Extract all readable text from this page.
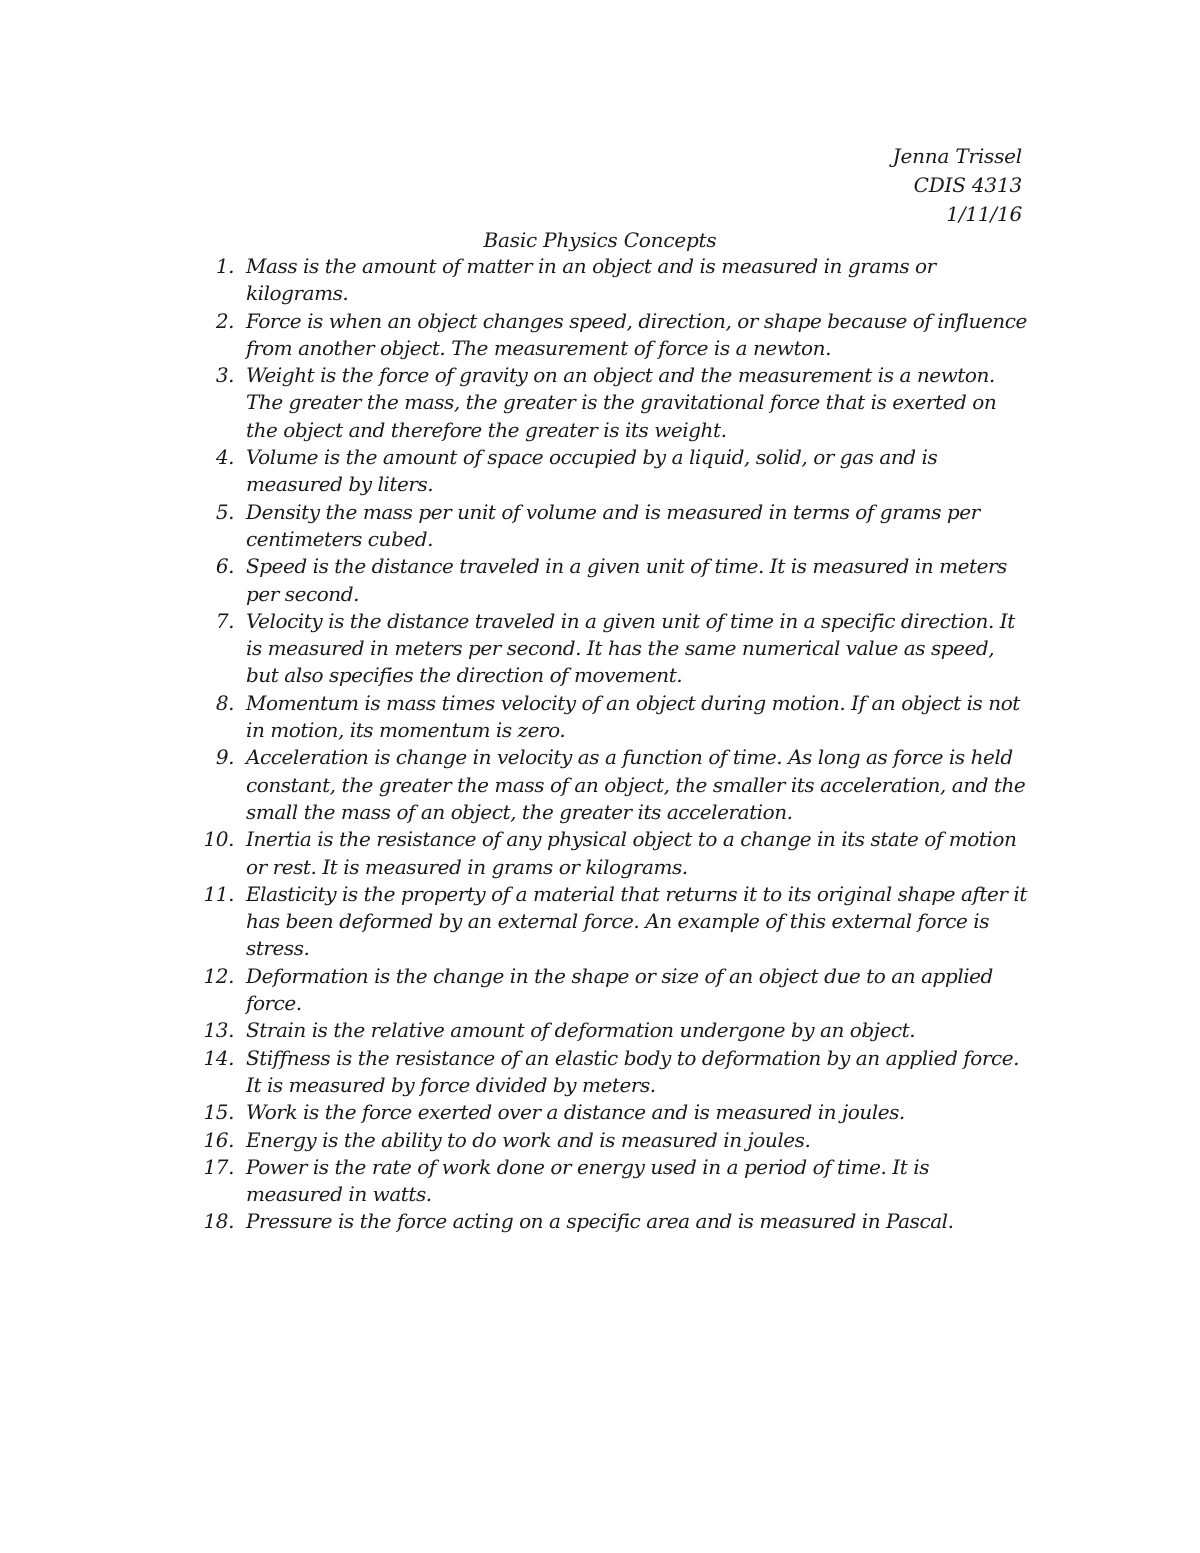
Jenna Trissel
CDIS 4313
1/11/16
Basic Physics Concepts
1. Mass is the amount of matter in an object and is measured in grams or kilograms.
2. Force is when an object changes speed, direction, or shape because of influence from another object. The measurement of force is a newton.
3. Weight is the force of gravity on an object and the measurement is a newton. The greater the mass, the greater is the gravitational force that is exerted on the object and therefore the greater is its weight.
4. Volume is the amount of space occupied by a liquid, solid, or gas and is measured by liters.
5. Density the mass per unit of volume and is measured in terms of grams per centimeters cubed.
6. Speed is the distance traveled in a given unit of time. It is measured in meters per second.
7. Velocity is the distance traveled in a given unit of time in a specific direction. It is measured in meters per second. It has the same numerical value as speed, but also specifies the direction of movement.
8. Momentum is mass times velocity of an object during motion. If an object is not in motion, its momentum is zero.
9. Acceleration is change in velocity as a function of time. As long as force is held constant, the greater the mass of an object, the smaller its acceleration, and the small the mass of an object, the greater its acceleration.
10. Inertia is the resistance of any physical object to a change in its state of motion or rest. It is measured in grams or kilograms.
11. Elasticity is the property of a material that returns it to its original shape after it has been deformed by an external force. An example of this external force is stress.
12. Deformation is the change in the shape or size of an object due to an applied force.
13. Strain is the relative amount of deformation undergone by an object.
14. Stiffness is the resistance of an elastic body to deformation by an applied force. It is measured by force divided by meters.
15. Work is the force exerted over a distance and is measured in joules.
16. Energy is the ability to do work and is measured in joules.
17. Power is the rate of work done or energy used in a period of time. It is measured in watts.
18. Pressure is the force acting on a specific area and is measured in Pascal.
